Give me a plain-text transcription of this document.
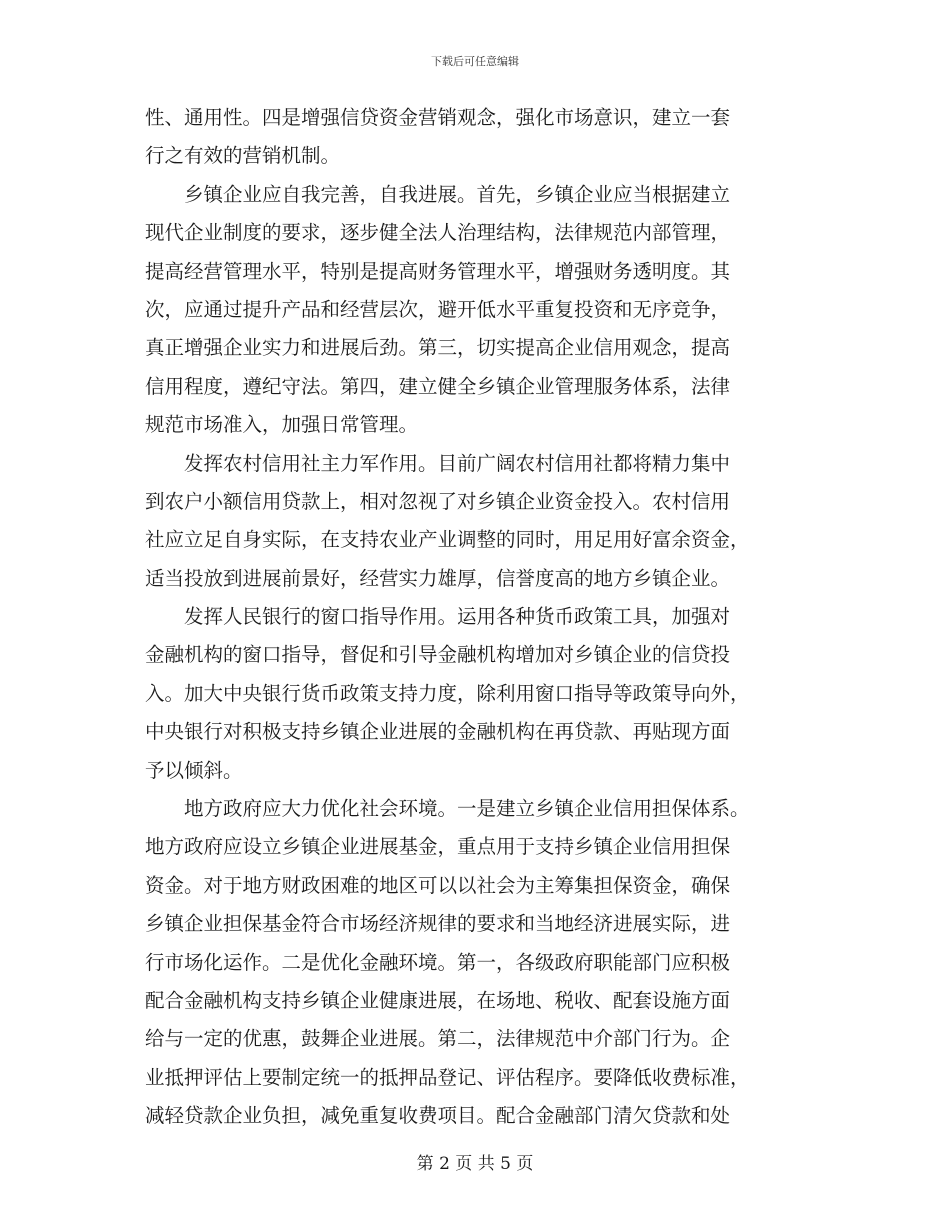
下载后可任意编辑
性、通用性。四是增强信贷资金营销观念，强化市场意识，建立一套
行之有效的营销机制。
乡镇企业应自我完善，自我进展。首先，乡镇企业应当根据建立
现代企业制度的要求，逐步健全法人治理结构，法律规范内部管理，
提高经营管理水平，特别是提高财务管理水平，增强财务透明度。其
次，应通过提升产品和经营层次，避开低水平重复投资和无序竞争，
真正增强企业实力和进展后劲。第三，切实提高企业信用观念，提高
信用程度，遵纪守法。第四，建立健全乡镇企业管理服务体系，法律
规范市场准入，加强日常管理。
发挥农村信用社主力军作用。目前广阔农村信用社都将精力集中
到农户小额信用贷款上，相对忽视了对乡镇企业资金投入。农村信用
社应立足自身实际，在支持农业产业调整的同时，用足用好富余资金，
适当投放到进展前景好，经营实力雄厚，信誉度高的地方乡镇企业。
发挥人民银行的窗口指导作用。运用各种货币政策工具，加强对
金融机构的窗口指导，督促和引导金融机构增加对乡镇企业的信贷投
入。加大中央银行货币政策支持力度，除利用窗口指导等政策导向外，
中央银行对积极支持乡镇企业进展的金融机构在再贷款、再贴现方面
予以倾斜。
地方政府应大力优化社会环境。一是建立乡镇企业信用担保体系。
地方政府应设立乡镇企业进展基金，重点用于支持乡镇企业信用担保
资金。对于地方财政困难的地区可以以社会为主筹集担保资金，确保
乡镇企业担保基金符合市场经济规律的要求和当地经济进展实际，进
行市场化运作。二是优化金融环境。第一，各级政府职能部门应积极
配合金融机构支持乡镇企业健康进展，在场地、税收、配套设施方面
给与一定的优惠，鼓舞企业进展。第二，法律规范中介部门行为。企
业抵押评估上要制定统一的抵押品登记、评估程序。要降低收费标准，
减轻贷款企业负担，减免重复收费项目。配合金融部门清欠贷款和处
第 2 页 共 5 页
